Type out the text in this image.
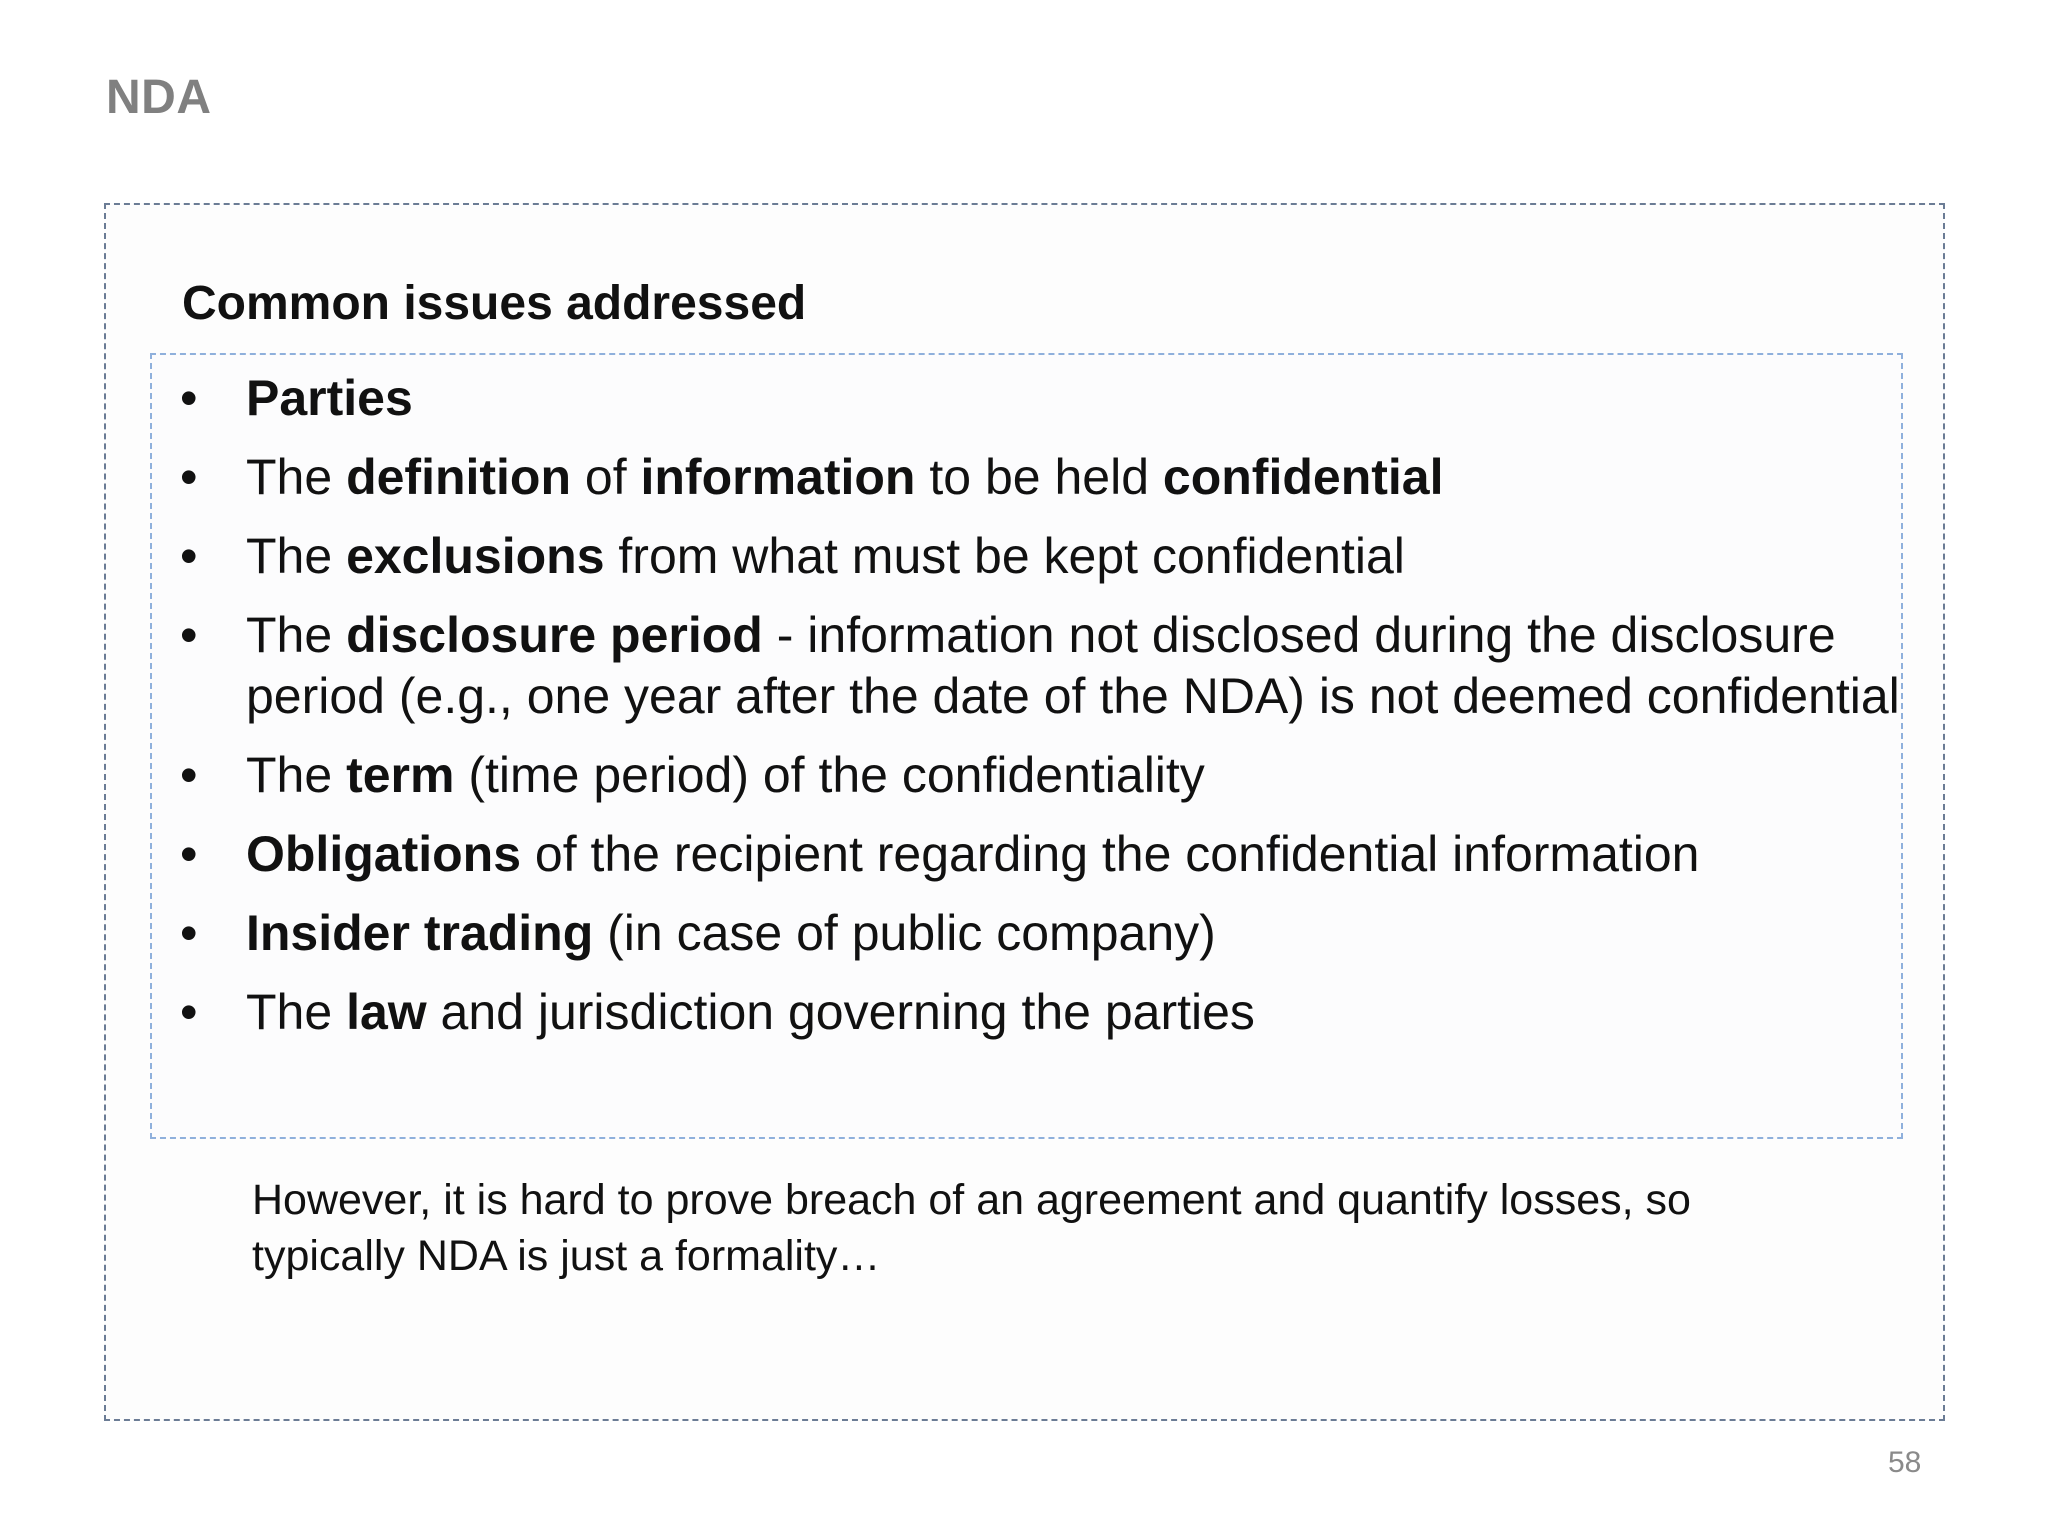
NDA
Common issues addressed
• Parties
• The definition of information to be held confidential
• The exclusions from what must be kept confidential
• The disclosure period - information not disclosed during the disclosure period (e.g., one year after the date of the NDA) is not deemed confidential
• The term (time period) of the confidentiality
• Obligations of the recipient regarding the confidential information
• Insider trading (in case of public company)
• The law and jurisdiction governing the parties

However, it is hard to prove breach of an agreement and quantify losses, so typically NDA is just a formality…

58
